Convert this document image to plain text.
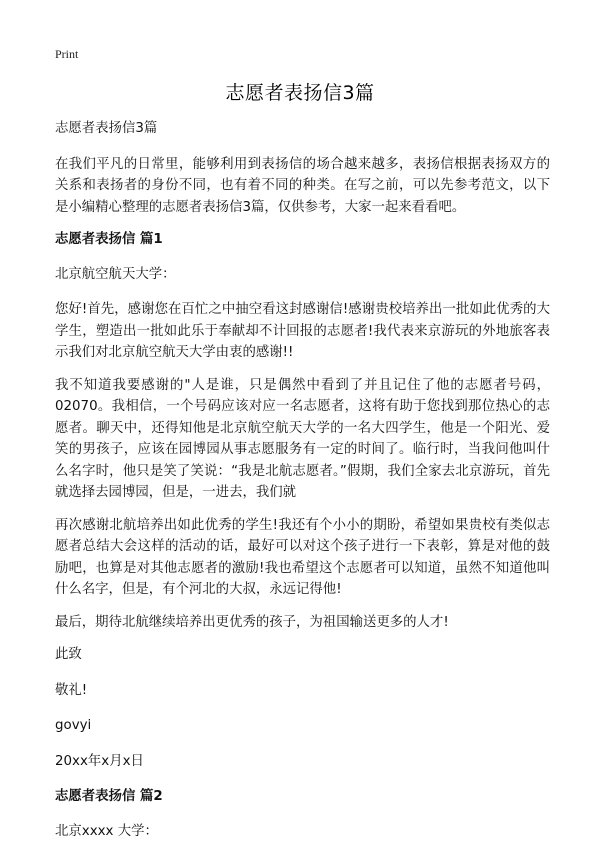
Print
志愿者表扬信3篇

志愿者表扬信3篇

在我们平凡的日常里，能够利用到表扬信的场合越来越多，表扬信根据表扬双方的关系和表扬者的身份不同，也有着不同的种类。在写之前，可以先参考范文，以下是小编精心整理的志愿者表扬信3篇，仅供参考，大家一起来看看吧。

志愿者表扬信 篇1

北京航空航天大学：

您好!首先，感谢您在百忙之中抽空看这封感谢信!感谢贵校培养出一批如此优秀的大学生，塑造出一批如此乐于奉献却不计回报的志愿者!我代表来京游玩的外地旅客表示我们对北京航空航天大学由衷的感谢!!

我不知道我要感谢的"人是谁，只是偶然中看到了并且记住了他的志愿者号码，02070。我相信，一个号码应该对应一名志愿者，这将有助于您找到那位热心的志愿者。聊天中，还得知他是北京航空航天大学的一名大四学生，他是一个阳光、爱笑的男孩子，应该在园博园从事志愿服务有一定的时间了。临行时，当我问他叫什么名字时，他只是笑了笑说：“我是北航志愿者。”假期，我们全家去北京游玩，首先就选择去园博园，但是，一进去，我们就

再次感谢北航培养出如此优秀的学生!我还有个小小的期盼，希望如果贵校有类似志愿者总结大会这样的活动的话，最好可以对这个孩子进行一下表彰，算是对他的鼓励吧，也算是对其他志愿者的激励!我也希望这个志愿者可以知道，虽然不知道他叫什么名字，但是，有个河北的大叔，永远记得他!

最后，期待北航继续培养出更优秀的孩子，为祖国输送更多的人才!

此致

敬礼!

govyi

20xx年x月x日

志愿者表扬信 篇2

北京xxxx 大学：
